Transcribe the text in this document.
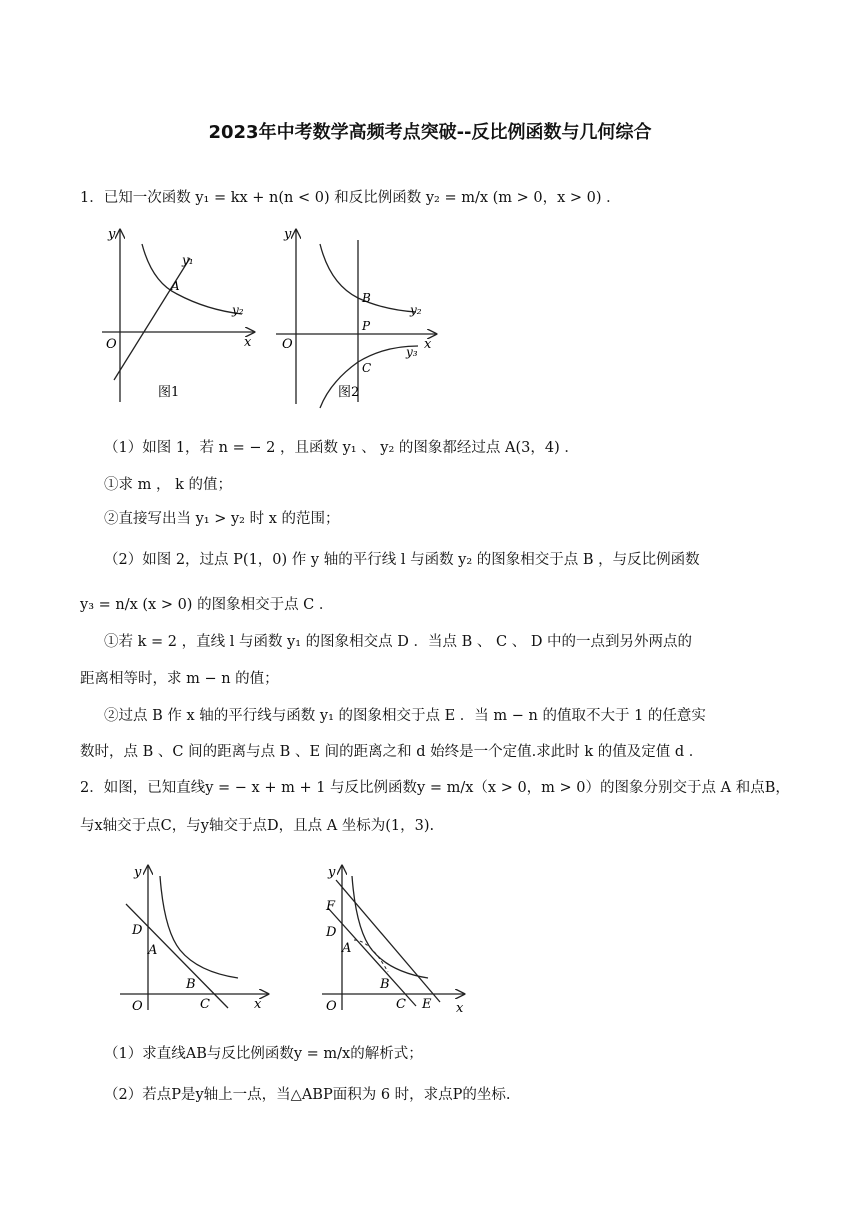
2023年中考数学高频考点突破--反比例函数与几何综合
1．已知一次函数 y₁ = kx + n(n < 0) 和反比例函数 y₂ = m/x (m > 0，x > 0) ．
y
x
O
A
y₁
y₂
图1
y
x
O
B
P
C
y₂
y₃
图2
（1）如图 1，若 n = − 2 ，且函数 y₁ 、 y₂ 的图象都经过点 A(3，4) ．
①求 m ， k 的值；
②直接写出当 y₁ > y₂ 时 x 的范围；
（2）如图 2，过点 P(1，0) 作 y 轴的平行线 l 与函数 y₂ 的图象相交于点 B ，与反比例函数
y₃ = n/x (x > 0) 的图象相交于点 C ．
①若 k = 2 ，直线 l 与函数 y₁ 的图象相交点 D ．当点 B 、 C 、 D 中的一点到另外两点的
距离相等时，求 m − n 的值；
②过点 B 作 x 轴的平行线与函数 y₁ 的图象相交于点 E ．当 m − n 的值取不大于 1 的任意实
数时，点 B 、C 间的距离与点 B 、E 间的距离之和 d 始终是一个定值.求此时 k 的值及定值 d ．
2．如图，已知直线y = − x + m + 1 与反比例函数y = m/x（x > 0，m > 0）的图象分别交于点 A 和点B，
与x轴交于点C，与y轴交于点D，且点 A 坐标为(1，3).
y
x
O
D
A
B
C
y
x
O
F
D
A
B
C E
（1）求直线AB与反比例函数y = m/x的解析式；
（2）若点P是y轴上一点，当△ABP面积为 6 时，求点P的坐标.
